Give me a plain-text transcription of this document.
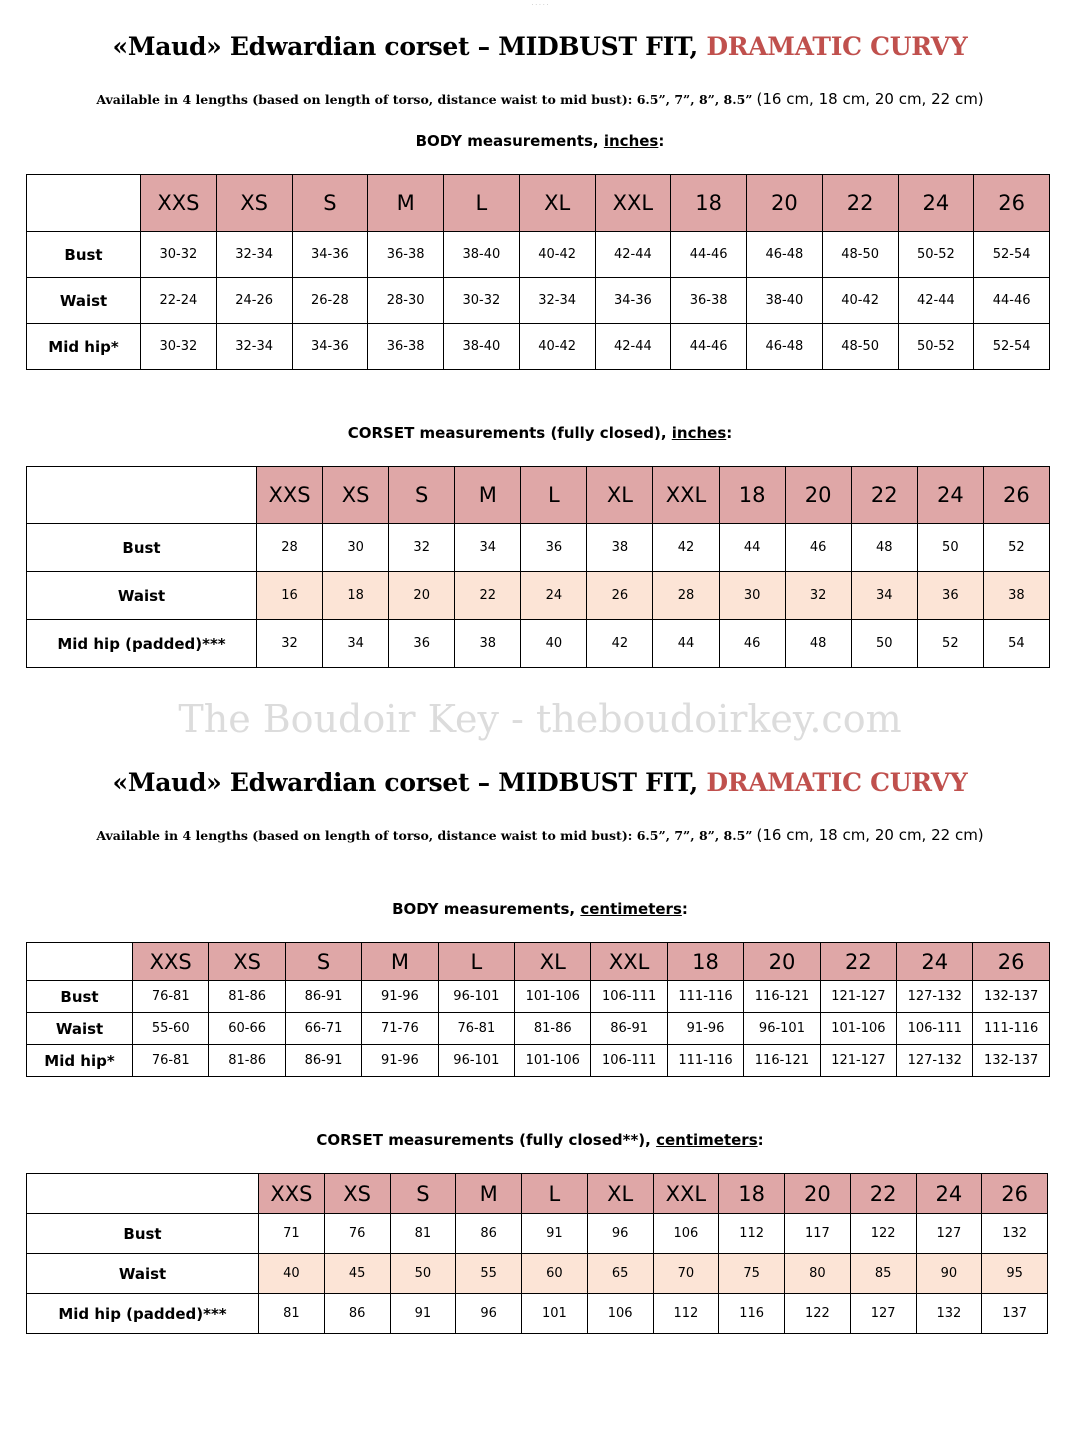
· · · · ·
«Maud» Edwardian corset – MIDBUST FIT, DRAMATIC CURVY
Available in 4 lengths (based on length of torso, distance waist to mid bust): 6.5”, 7”, 8”, 8.5” (16 cm, 18 cm, 20 cm, 22 cm)
BODY measurements, inches:
	XXS	XS	S	M	L	XL	XXL	18	20	22	24	26
Bust	30-32	32-34	34-36	36-38	38-40	40-42	42-44	44-46	46-48	48-50	50-52	52-54
Waist	22-24	24-26	26-28	28-30	30-32	32-34	34-36	36-38	38-40	40-42	42-44	44-46
Mid hip*	30-32	32-34	34-36	36-38	38-40	40-42	42-44	44-46	46-48	48-50	50-52	52-54
CORSET measurements (fully closed), inches:
	XXS	XS	S	M	L	XL	XXL	18	20	22	24	26
Bust	28	30	32	34	36	38	42	44	46	48	50	52
Waist	16	18	20	22	24	26	28	30	32	34	36	38
Mid hip (padded)***	32	34	36	38	40	42	44	46	48	50	52	54
The Boudoir Key - theboudoirkey.com
«Maud» Edwardian corset – MIDBUST FIT, DRAMATIC CURVY
Available in 4 lengths (based on length of torso, distance waist to mid bust): 6.5”, 7”, 8”, 8.5” (16 cm, 18 cm, 20 cm, 22 cm)
BODY measurements, centimeters:
	XXS	XS	S	M	L	XL	XXL	18	20	22	24	26
Bust	76-81	81-86	86-91	91-96	96-101	101-106	106-111	111-116	116-121	121-127	127-132	132-137
Waist	55-60	60-66	66-71	71-76	76-81	81-86	86-91	91-96	96-101	101-106	106-111	111-116
Mid hip*	76-81	81-86	86-91	91-96	96-101	101-106	106-111	111-116	116-121	121-127	127-132	132-137
CORSET measurements (fully closed**), centimeters:
	XXS	XS	S	M	L	XL	XXL	18	20	22	24	26
Bust	71	76	81	86	91	96	106	112	117	122	127	132
Waist	40	45	50	55	60	65	70	75	80	85	90	95
Mid hip (padded)***	81	86	91	96	101	106	112	116	122	127	132	137
